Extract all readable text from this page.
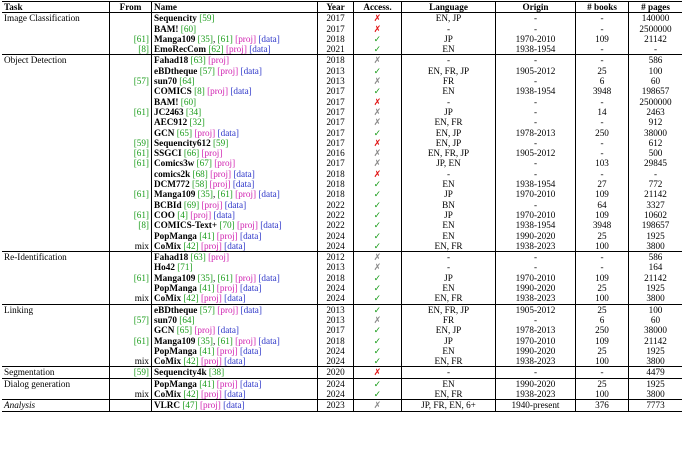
Task	From	Name	Year	Access.	Language	Origin	# books	# pages
Image Classification		Sequencity [59]	2017	✗	EN, JP	-	-	140000
		BAM! [60]	2017	✗	-	-	-	2500000
	[61]	Manga109 [35], [61] [proj] [data]	2018	✓	JP	1970-2010	109	21142
	[8]	EmoRecCom [62] [proj] [data]	2021	✓	EN	1938-1954	-	-
Object Detection		Fahad18 [63] [proj]	2018	✗	-	-	-	586
		eBDtheque [57] [proj] [data]	2013	✓	EN, FR, JP	1905-2012	25	100
	[57]	sun70 [64]	2013	✗	FR	-	6	60
		COMICS [8] [proj] [data]	2017	✓	EN	1938-1954	3948	198657
		BAM! [60]	2017	✗	-	-	-	2500000
	[61]	JC2463 [34]	2017	✗	JP	-	14	2463
		AEC912 [32]	2017	✗	EN, FR	-	-	912
		GCN [65] [proj] [data]	2017	✓	EN, JP	1978-2013	250	38000
	[59]	Sequencity612 [59]	2017	✗	EN, JP	-	-	612
	[61]	SSGCI [66] [proj]	2016	✗	EN, FR, JP	1905-2012	-	500
	[61]	Comics3w [67] [proj]	2017	✗	JP, EN	-	103	29845
		comics2k [68] [proj] [data]	2018	✗	-	-	-	-
		DCM772 [58] [proj] [data]	2018	✓	EN	1938-1954	27	772
	[61]	Manga109 [35], [61] [proj] [data]	2018	✓	JP	1970-2010	109	21142
		BCBId [69] [proj] [data]	2022	✓	BN	-	64	3327
	[61]	COO [4] [proj] [data]	2022	✓	JP	1970-2010	109	10602
	[8]	COMICS-Text+ [70] [proj] [data]	2022	✓	EN	1938-1954	3948	198657
		PopManga [41] [proj] [data]	2024	✓	EN	1990-2020	25	1925
	mix	CoMix [42] [proj] [data]	2024	✓	EN, FR	1938-2023	100	3800
Re-Identification		Fahad18 [63] [proj]	2012	✗	-	-	-	586
		Ho42 [71]	2013	✗	-	-	-	164
	[61]	Manga109 [35], [61] [proj] [data]	2018	✓	JP	1970-2010	109	21142
		PopManga [41] [proj] [data]	2024	✓	EN	1990-2020	25	1925
	mix	CoMix [42] [proj] [data]	2024	✓	EN, FR	1938-2023	100	3800
Linking		eBDtheque [57] [proj] [data]	2013	✓	EN, FR, JP	1905-2012	25	100
	[57]	sun70 [64]	2013	✗	FR	-	6	60
		GCN [65] [proj] [data]	2017	✓	EN, JP	1978-2013	250	38000
	[61]	Manga109 [35], [61] [proj] [data]	2018	✓	JP	1970-2010	109	21142
		PopManga [41] [proj] [data]	2024	✓	EN	1990-2020	25	1925
	mix	CoMix [42] [proj] [data]	2024	✓	EN, FR	1938-2023	100	3800
Segmentation	[59]	Sequencity4k [38]	2020	✗	-	-	-	4479
Dialog generation		PopManga [41] [proj] [data]	2024	✓	EN	1990-2020	25	1925
	mix	CoMix [42] [proj] [data]	2024	✓	EN, FR	1938-2023	100	3800
Analysis		VLRC [47] [proj] [data]	2023	✗	JP, FR, EN, 6+	1940-present	376	7773
